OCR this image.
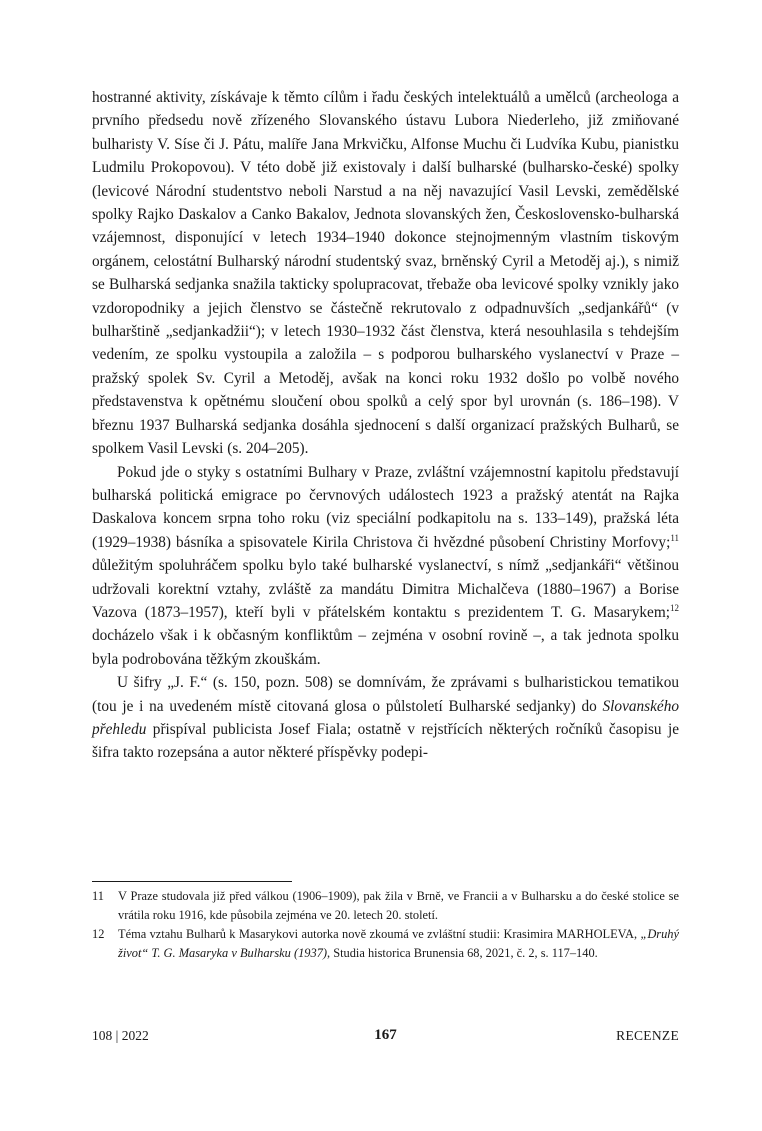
hostranné aktivity, získávaje k těmto cílům i řadu českých intelektuálů a umělců (archeologa a prvního předsedu nově zřízeného Slovanského ústavu Lubora Niederleho, již zmiňované bulharisty V. Síse či J. Pátu, malíře Jana Mrkvičku, Alfonse Muchu či Ludvíka Kubu, pianistku Ludmilu Prokopovou). V této době již existovaly i další bulharské (bulharsko-české) spolky (levicové Národní studentstvo neboli Narstud a na něj navazující Vasil Levski, zemědělské spolky Rajko Daskalov a Canko Bakalov, Jednota slovanských žen, Československo-bulharská vzájemnost, disponující v letech 1934–1940 dokonce stejnojmenným vlastním tiskovým orgánem, celostátní Bulharský národní studentský svaz, brněnský Cyril a Metoděj aj.), s nimiž se Bulharská sedjanka snažila takticky spolupracovat, třebaže oba levicové spolky vznikly jako vzdoropodniky a jejich členstvo se částečně rekrutovalo z odpadnuvších „sedjankářů“ (v bulharštině „sedjankadžii“); v letech 1930–1932 část členstva, která nesouhlasila s tehdejším vedením, ze spolku vystoupila a založila – s podporou bulharského vyslanectví v Praze – pražský spolek Sv. Cyril a Metoděj, avšak na konci roku 1932 došlo po volbě nového představenstva k opětnému sloučení obou spolků a celý spor byl urovnán (s. 186–198). V březnu 1937 Bulharská sedjanka dosáhla sjednocení s další organizací pražských Bulharů, se spolkem Vasil Levski (s. 204–205).

Pokud jde o styky s ostatními Bulhary v Praze, zvláštní vzájemnostní kapitolu představují bulharská politická emigrace po červnových událostech 1923 a pražský atentát na Rajka Daskalova koncem srpna toho roku (viz speciální podkapitolu na s. 133–149), pražská léta (1929–1938) básníka a spisovatele Kirila Christova či hvězdné působení Christiny Morfovy;$^{11}$ důležitým spoluhráčem spolku bylo také bulharské vyslanectví, s nímž „sedjankáři“ většinou udržovali korektní vztahy, zvláště za mandátu Dimitra Michalčeva (1880–1967) a Borise Vazova (1873–1957), kteří byli v přátelském kontaktu s prezidentem T. G. Masarykem;$^{12}$ docházelo však i k občasným konfliktům – zejména v osobní rovině –, a tak jednota spolku byla podrobována těžkým zkouškám.

U šifry „J. F.“ (s. 150, pozn. 508) se domnívám, že zprávami s bulharistickou tematikou (tou je i na uvedeném místě citovaná glosa o půlstoletí Bulharské sedjanky) do Slovanského přehledu přispíval publicista Josef Fiala; ostatně v rejstřících některých ročníků časopisu je šifra takto rozepsána a autor některé příspěvky podepi-

11	V Praze studovala již před válkou (1906–1909), pak žila v Brně, ve Francii a v Bulharsku a do české stolice se vrátila roku 1916, kde působila zejména ve 20. letech 20. století.
12	Téma vztahu Bulharů k Masarykovi autorka nově zkoumá ve zvláštní studii: Krasimira MARHOLEVA, „Druhý život“ T. G. Masaryka v Bulharsku (1937), Studia historica Brunensia 68, 2021, č. 2, s. 117–140.
108 | 2022	167	RECENZE
